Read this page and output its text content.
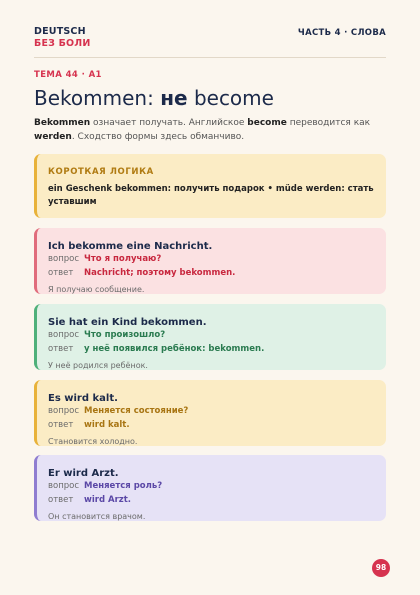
DEUTSCH
БЕЗ БОЛИ
ЧАСТЬ 4 · СЛОВА
ТЕМА 44 · A1
Bekommen: не become

Bekommen означает получать. Английское become переводится как werden. Сходство формы здесь обманчиво.

КОРОТКАЯ ЛОГИКА
ein Geschenk bekommen: получить подарок • müde werden: стать уставшим
Ich bekomme eine Nachricht.
вопрос Что я получаю?
ответ Nachricht; поэтому bekommen.
Я получаю сообщение.
Sie hat ein Kind bekommen.
вопрос Что произошло?
ответ у неё появился ребёнок: bekommen.
У неё родился ребёнок.
Es wird kalt.
вопрос Меняется состояние?
ответ wird kalt.
Становится холодно.
Er wird Arzt.
вопрос Меняется роль?
ответ wird Arzt.
Он становится врачом.
98
